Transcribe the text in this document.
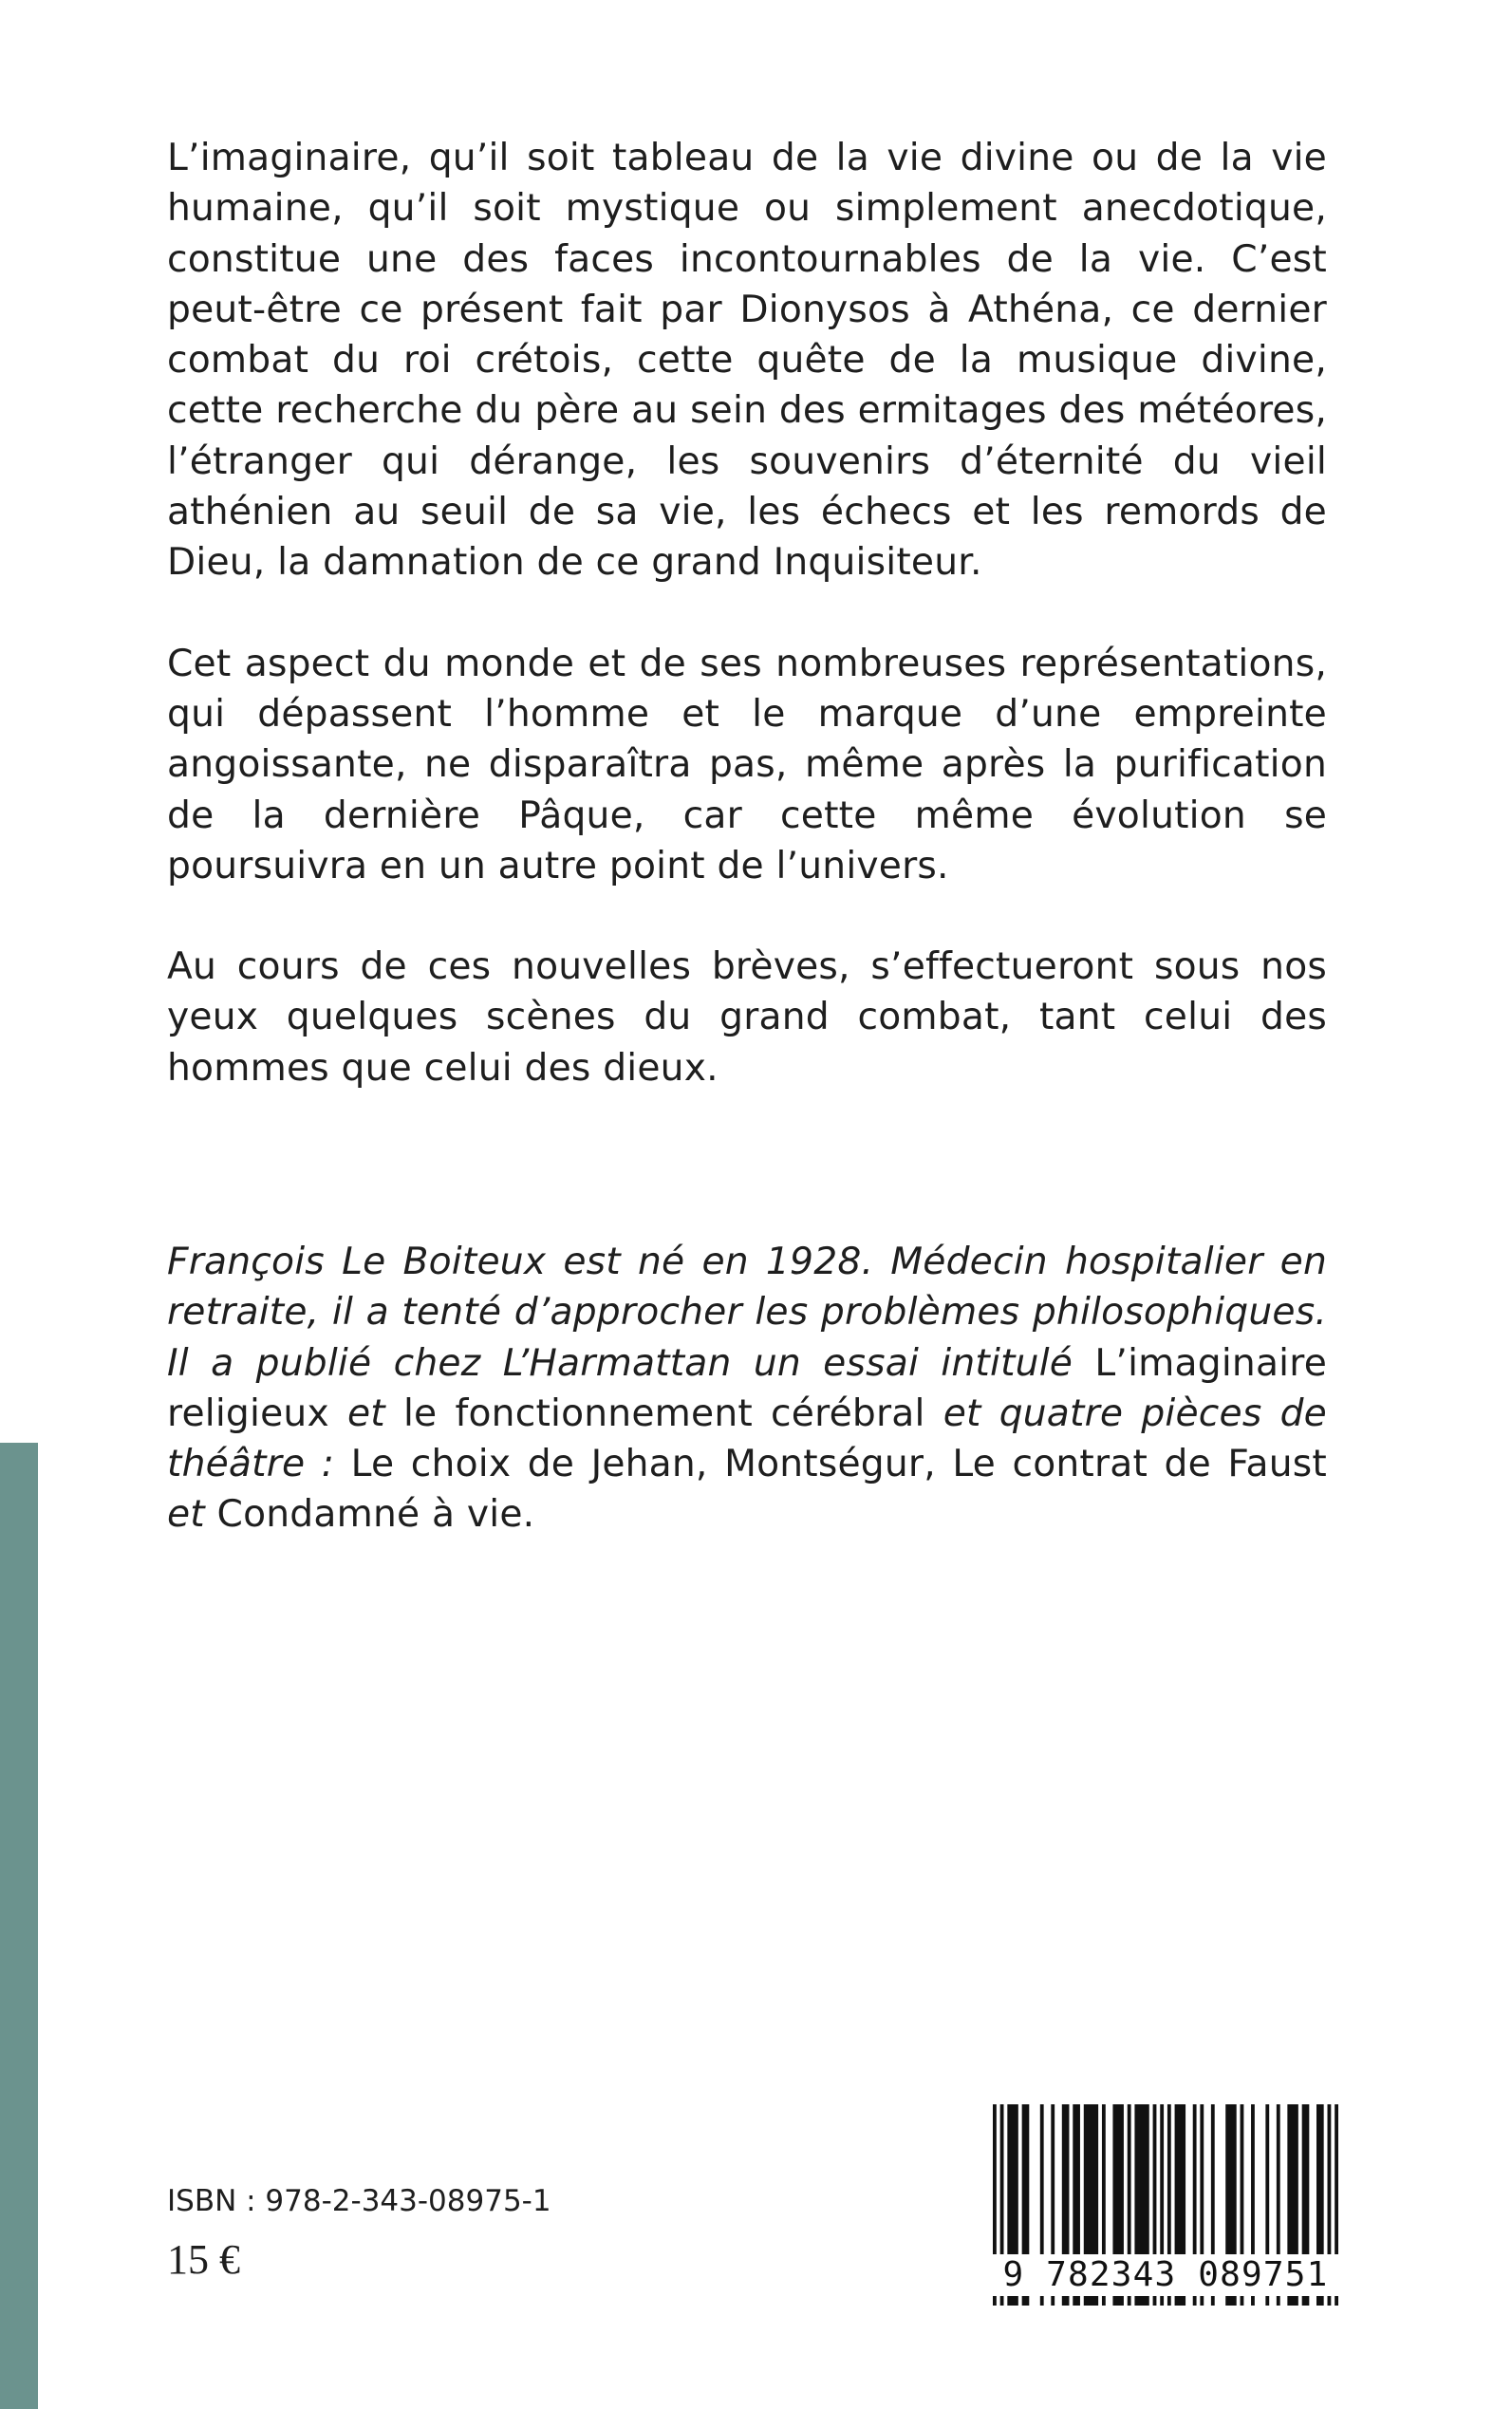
L’imaginaire, qu’il soit tableau de la vie divine ou de la vie humaine, qu’il soit mystique ou simplement anecdotique, constitue une des faces incontournables de la vie. C’est peut-être ce présent fait par Dionysos à Athéna, ce dernier combat du roi crétois, cette quête de la musique divine, cette recherche du père au sein des ermitages des météores, l’étranger qui dérange, les souvenirs d’éternité du vieil athénien au seuil de sa vie, les échecs et les remords de Dieu, la damnation de ce grand Inquisiteur.

Cet aspect du monde et de ses nombreuses représentations, qui dépassent l’homme et le marque d’une empreinte angoissante, ne disparaîtra pas, même après la purification de la dernière Pâque, car cette même évolution se poursuivra en un autre point de l’univers.

Au cours de ces nouvelles brèves, s’effectueront sous nos yeux quelques scènes du grand combat, tant celui des hommes que celui des dieux.

François Le Boiteux est né en 1928. Médecin hospitalier en retraite, il a tenté d’approcher les problèmes philosophiques. Il a publié chez L’Harmattan un essai intitulé L’imaginaire religieux et le fonctionnement cérébral et quatre pièces de théâtre : Le choix de Jehan, Montségur, Le contrat de Faust et Condamné à vie.

ISBN : 978-2-343-08975-1

15 €	9 782343 089751
